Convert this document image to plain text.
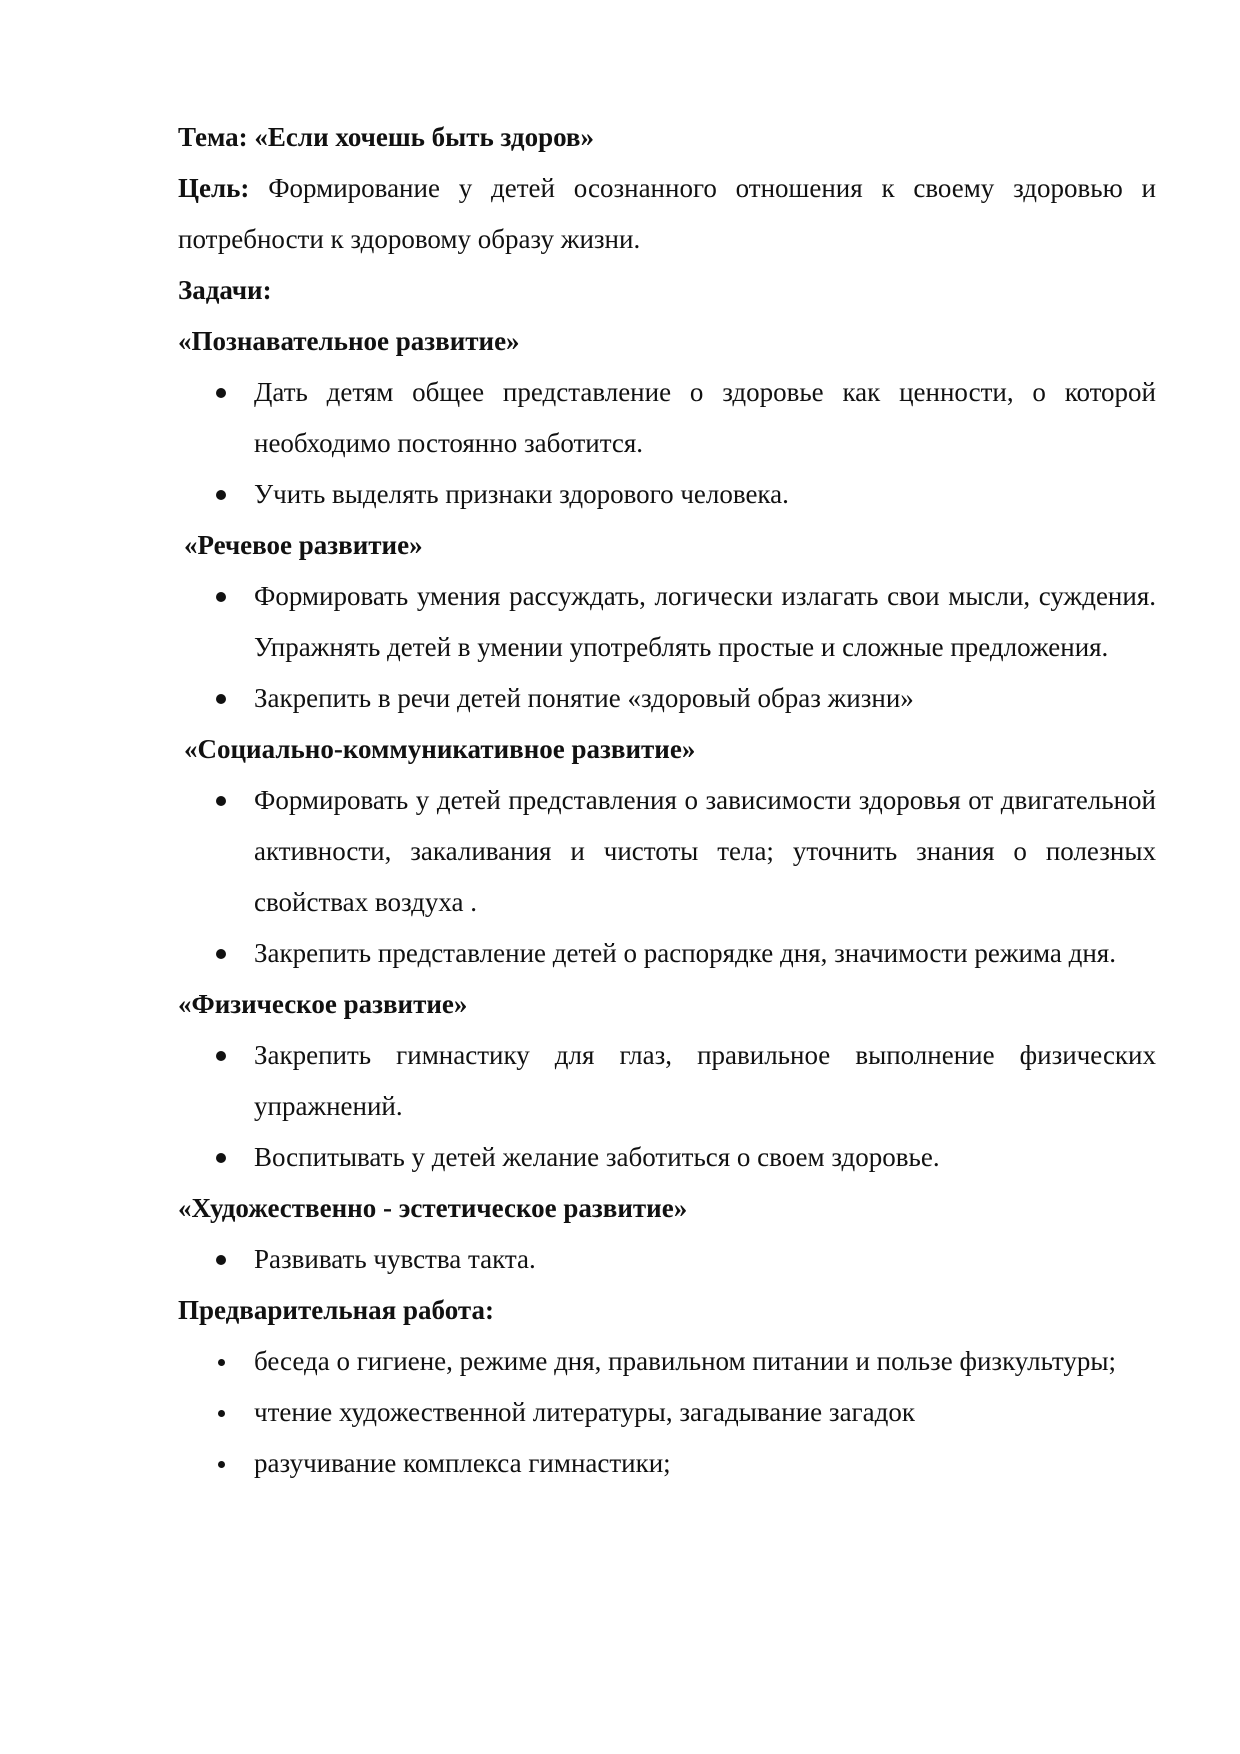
Тема: «Если хочешь быть здоров»

Цель: Формирование у детей осознанного отношения к своему здоровью и потребности к здоровому образу жизни.

Задачи:

«Познавательное развитие»

Дать детям общее представление о здоровье как ценности, о которой необходимо постоянно заботится.
Учить выделять признаки здорового человека.

«Речевое развитие»

Формировать умения рассуждать, логически излагать свои мысли, суждения. Упражнять детей в умении употреблять простые и сложные предложения.
Закрепить в речи детей понятие «здоровый образ жизни»

«Социально-коммуникативное развитие»

Формировать у детей представления о зависимости здоровья от двигательной активности, закаливания и чистоты тела; уточнить знания о полезных свойствах воздуха .
Закрепить представление детей о распорядке дня, значимости режима дня.

«Физическое развитие»

Закрепить гимнастику для глаз, правильное выполнение физических упражнений.
Воспитывать у детей желание заботиться о своем здоровье.

«Художественно - эстетическое развитие»

Развивать чувства такта.

Предварительная работа:

беседа о гигиене, режиме дня, правильном питании и пользе физкультуры;
чтение художественной литературы, загадывание загадок
разучивание комплекса гимнастики;
